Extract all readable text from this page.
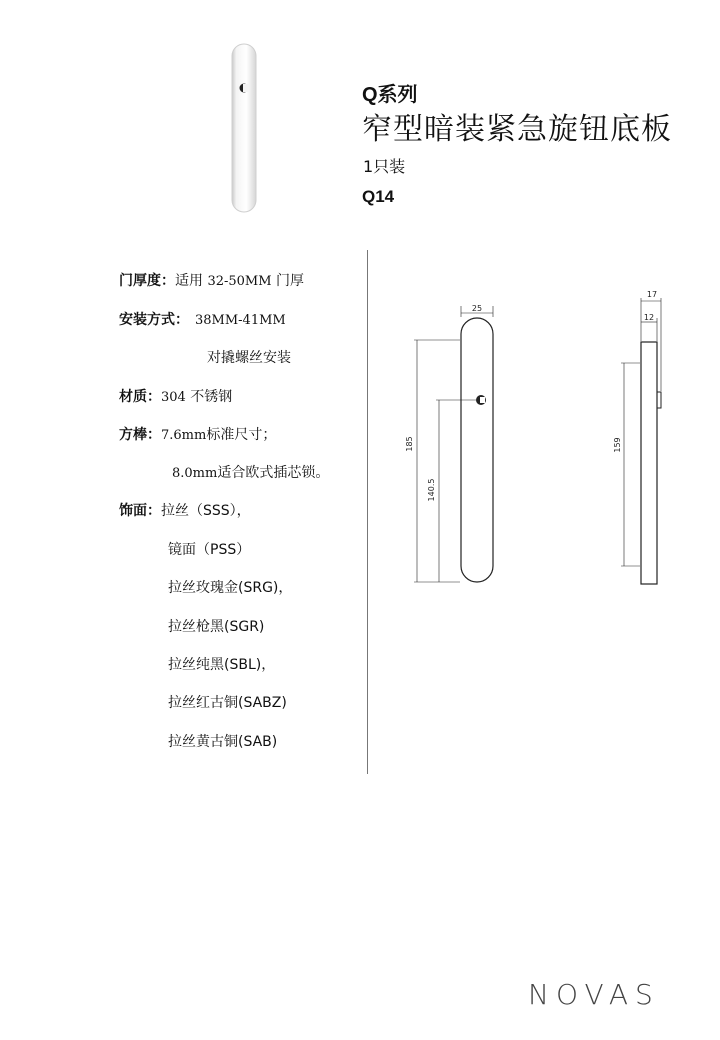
Q系列
窄型暗装紧急旋钮底板
1只装
Q14
门厚度：适用 32-50MM 门厚
安装方式： 38MM-41MM
对撬螺丝安装
材质：304 不锈钢
方棒：7.6mm标准尺寸；
8.0mm适合欧式插芯锁。
饰面：拉丝（SSS），
镜面（PSS）
拉丝玫瑰金(SRG)，
拉丝枪黑(SGR)
拉丝纯黑(SBL)，
拉丝红古铜(SABZ)
拉丝黄古铜(SAB)
25
185
140.5
17
12
159
NOVAS
